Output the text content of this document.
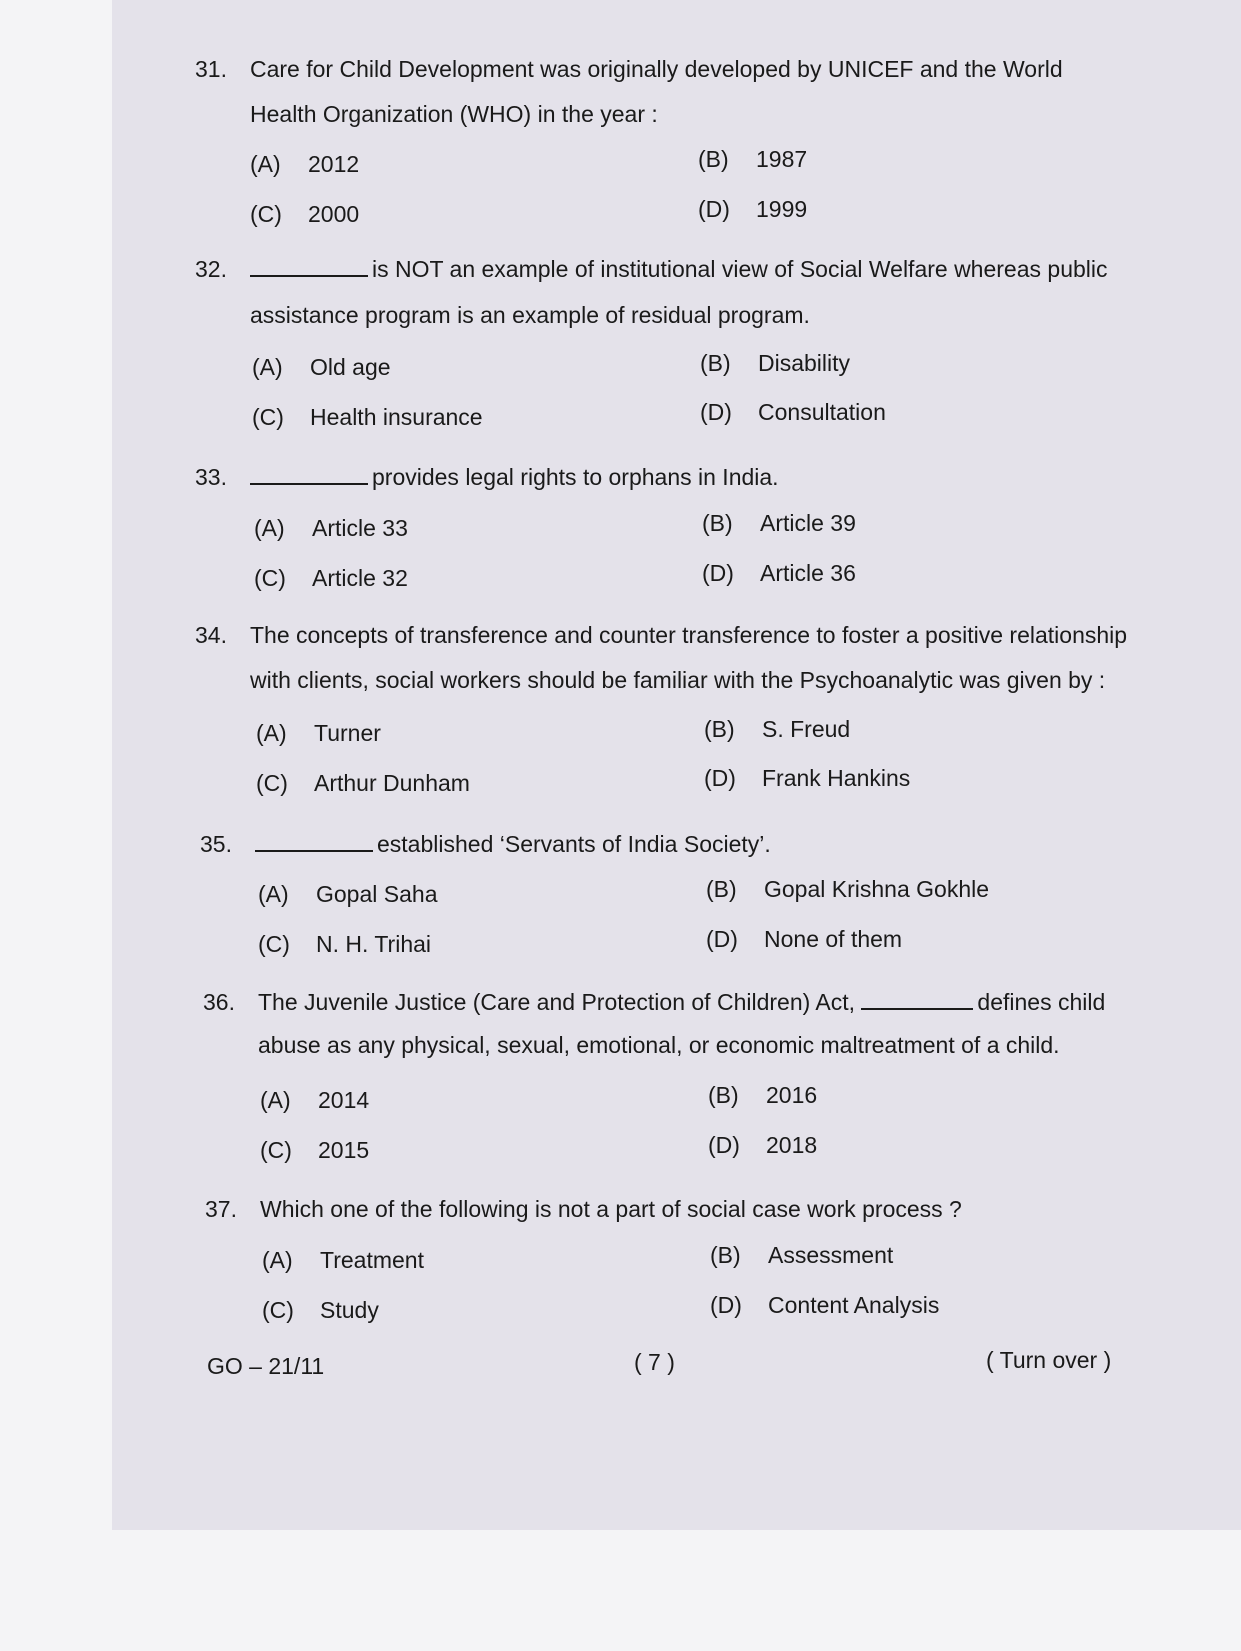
31.	Care for Child Development was originally developed by UNICEF and the World
Health Organization (WHO) in the year :
(A) 2012	(B) 1987
(C) 2000	(D) 1999
32.	is NOT an example of institutional view of Social Welfare whereas public
assistance program is an example of residual program.
(A) Old age	(B) Disability
(C) Health insurance	(D) Consultation
33.	provides legal rights to orphans in India.
(A) Article 33	(B) Article 39
(C) Article 32	(D) Article 36
34.	The concepts of transference and counter transference to foster a positive relationship
with clients, social workers should be familiar with the Psychoanalytic was given by :
(A) Turner	(B) S. Freud
(C) Arthur Dunham	(D) Frank Hankins
35.	established ‘Servants of India Society’.
(A) Gopal Saha	(B) Gopal Krishna Gokhle
(C) N. H. Trihai	(D) None of them
36.	The Juvenile Justice (Care and Protection of Children) Act,	defines child
abuse as any physical, sexual, emotional, or economic maltreatment of a child.
(A) 2014	(B) 2016
(C) 2015	(D) 2018
37.	Which one of the following is not a part of social case work process ?
(A) Treatment	(B) Assessment
(C) Study	(D) Content Analysis
GO – 21/11	( 7 )	( Turn over )
